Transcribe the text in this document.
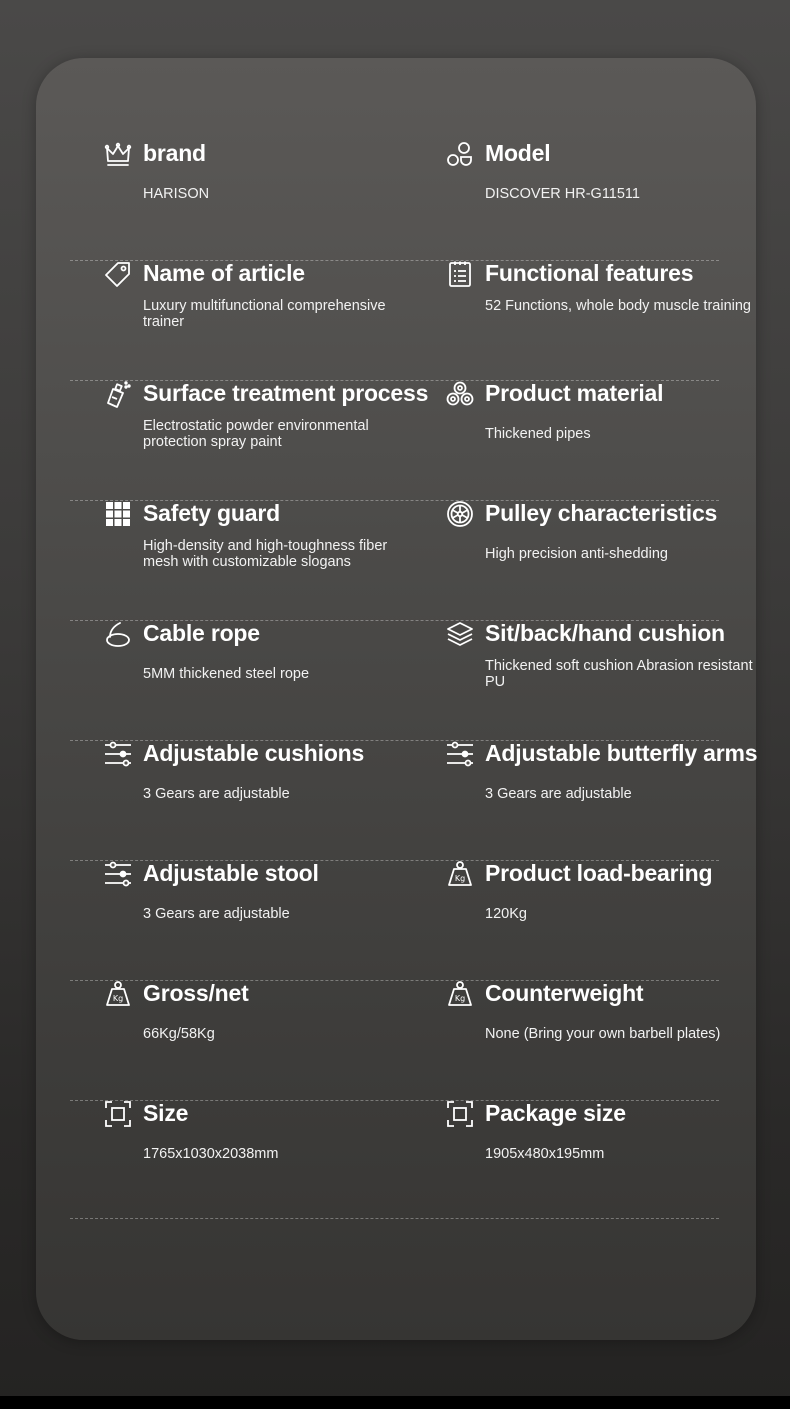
brand
HARISON
Model
DISCOVER HR-G11511
Name of article
Luxury multifunctional comprehensive trainer
Functional features
52 Functions, whole body muscle training
Surface treatment process
Electrostatic powder environmental protection spray paint
Product material
Thickened pipes
Safety guard
High-density and high-toughness fiber mesh with customizable slogans
Pulley characteristics
High precision anti-shedding
Cable rope
5MM thickened steel rope
Sit/back/hand cushion
Thickened soft cushion Abrasion resistant PU
Adjustable cushions
3 Gears are adjustable
Adjustable butterfly arms
3 Gears are adjustable
Adjustable stool
3 Gears are adjustable
Kg Product load-bearing
120Kg
Kg Gross/net
66Kg/58Kg
Kg Counterweight
None (Bring your own barbell plates)
Size
1765x1030x2038mm
Package size
1905x480x195mm
